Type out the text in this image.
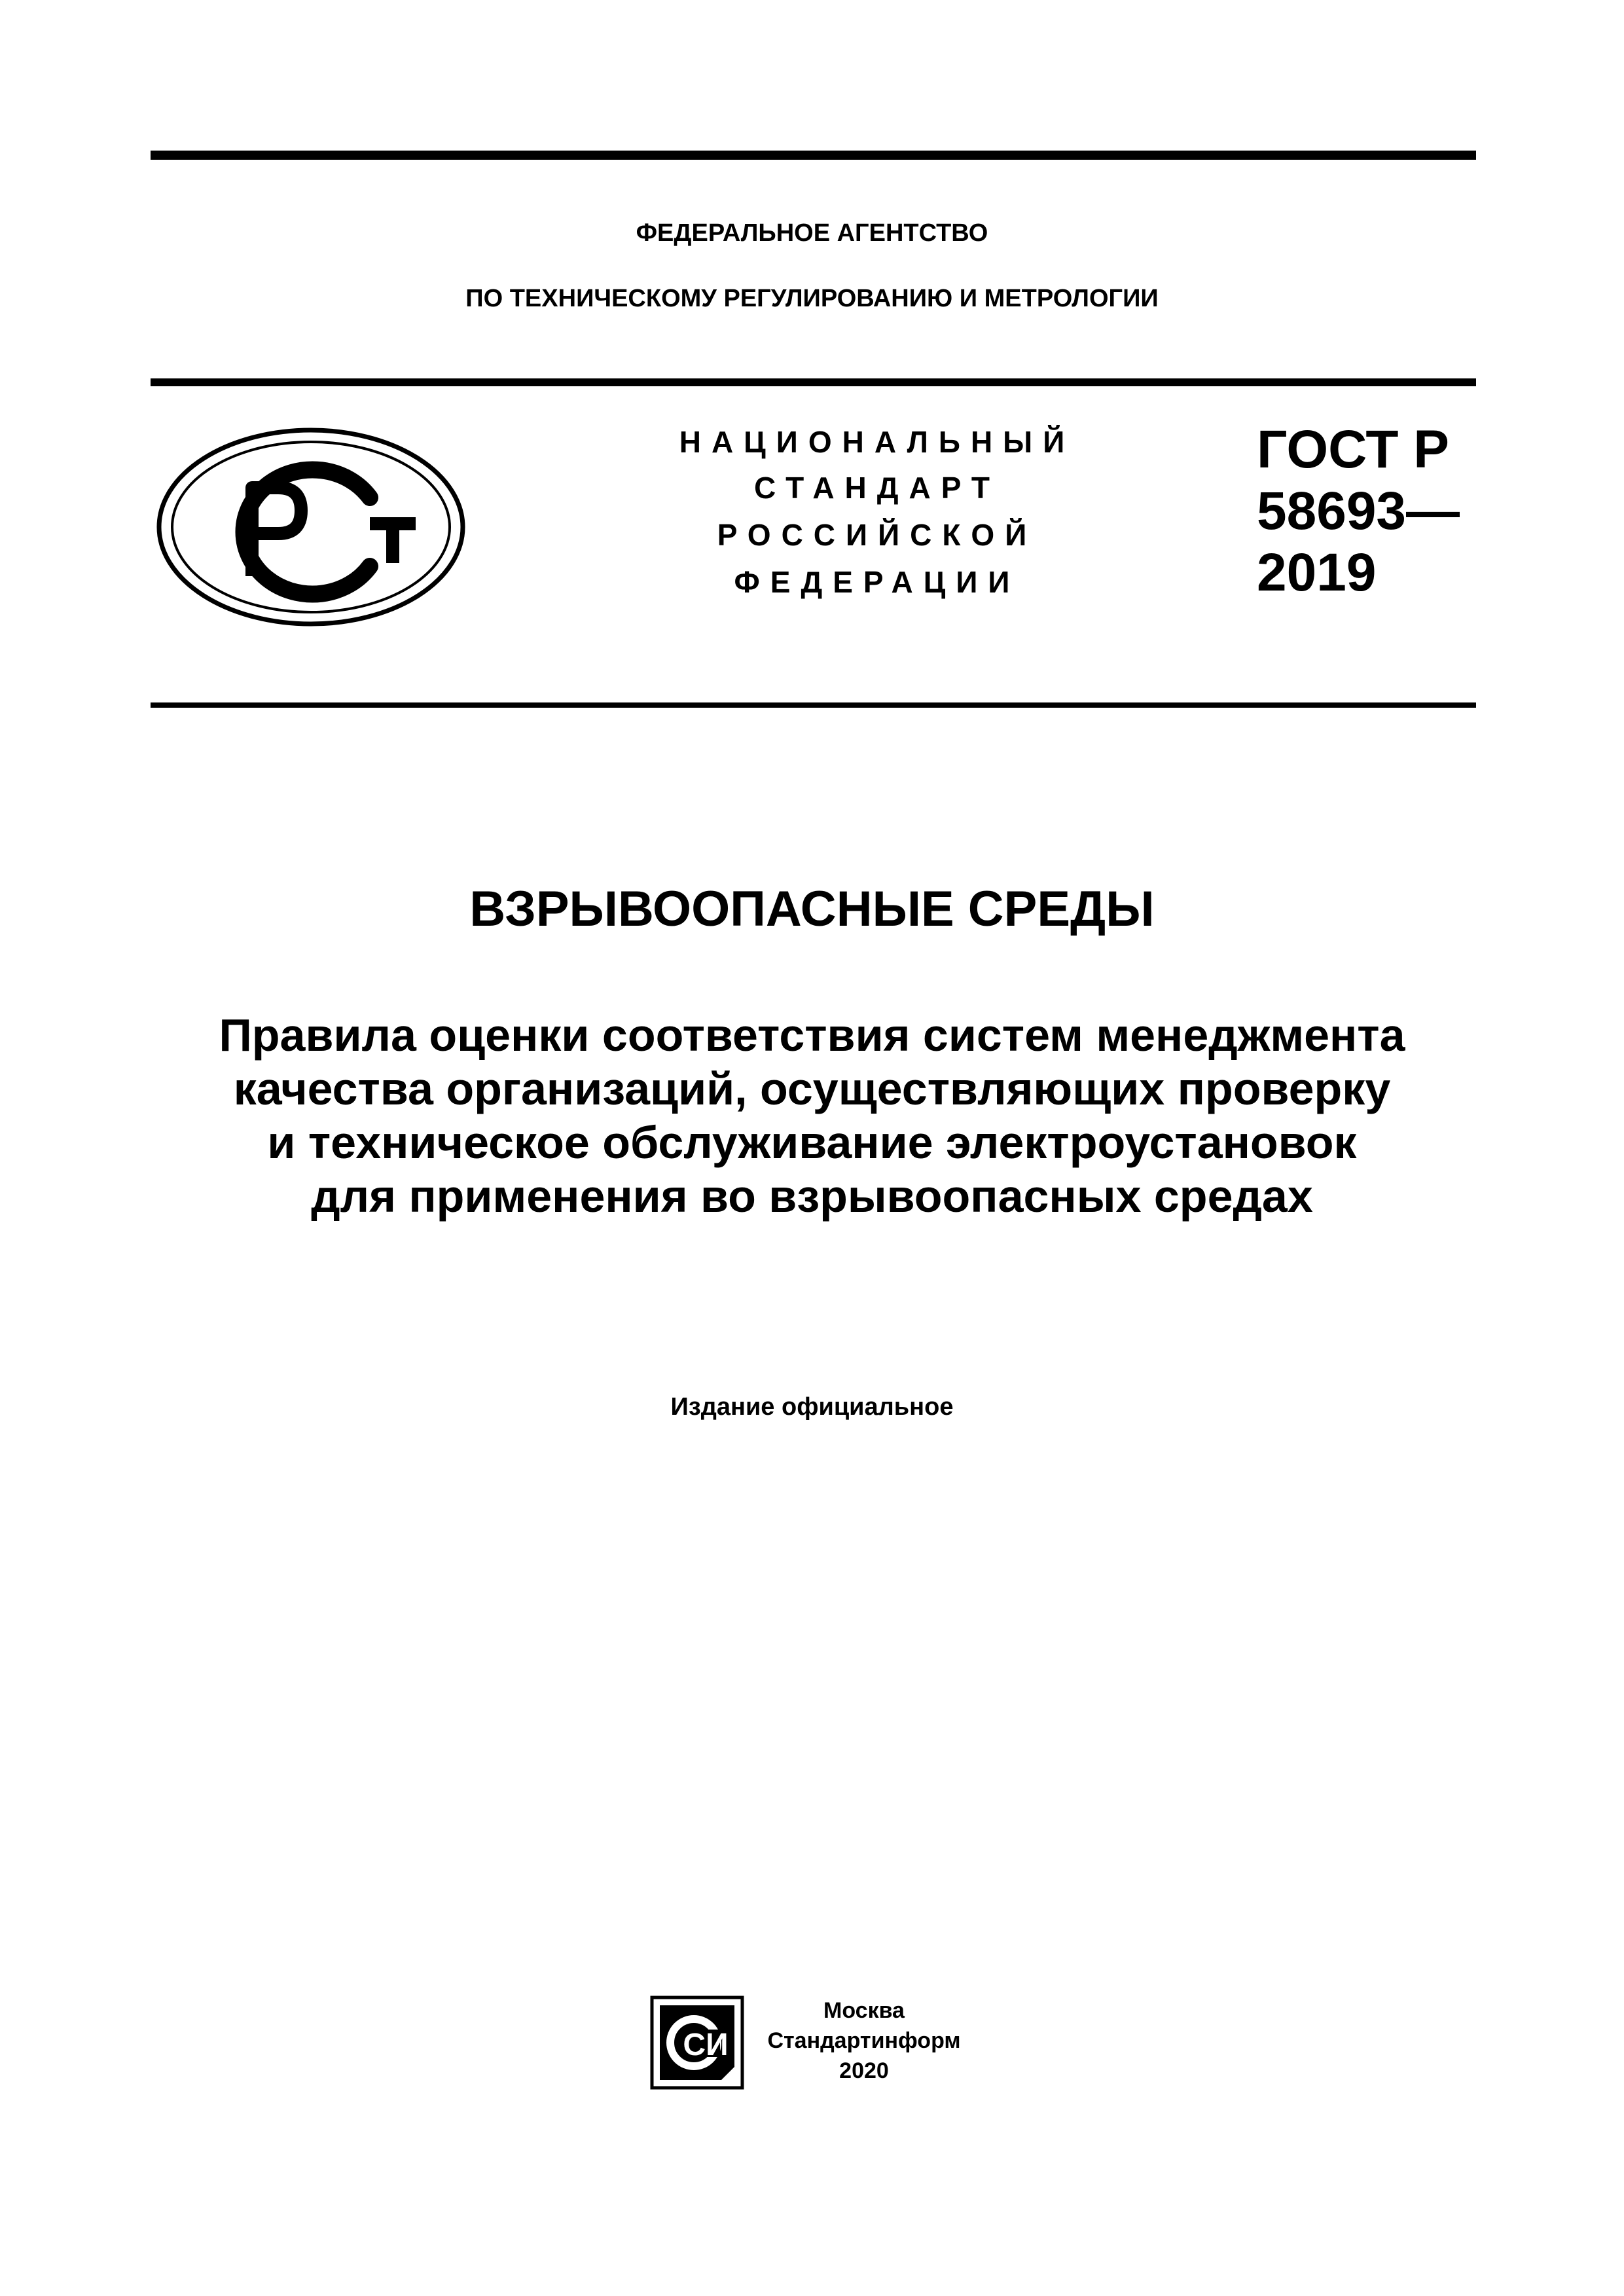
ФЕДЕРАЛЬНОЕ АГЕНТСТВО
ПО ТЕХНИЧЕСКОМУ РЕГУЛИРОВАНИЮ И МЕТРОЛОГИИ
НАЦИОНАЛЬНЫЙ
СТАНДАРТ
РОССИЙСКОЙ
ФЕДЕРАЦИИ
ГОСТ Р
58693—
2019
ВЗРЫВООПАСНЫЕ СРЕДЫ
Правила оценки соответствия систем менеджмента
качества организаций, осуществляющих проверку
и техническое обслуживание электроустановок
для применения во взрывоопасных средах
Издание официальное
СИ
Москва
Стандартинформ
2020
